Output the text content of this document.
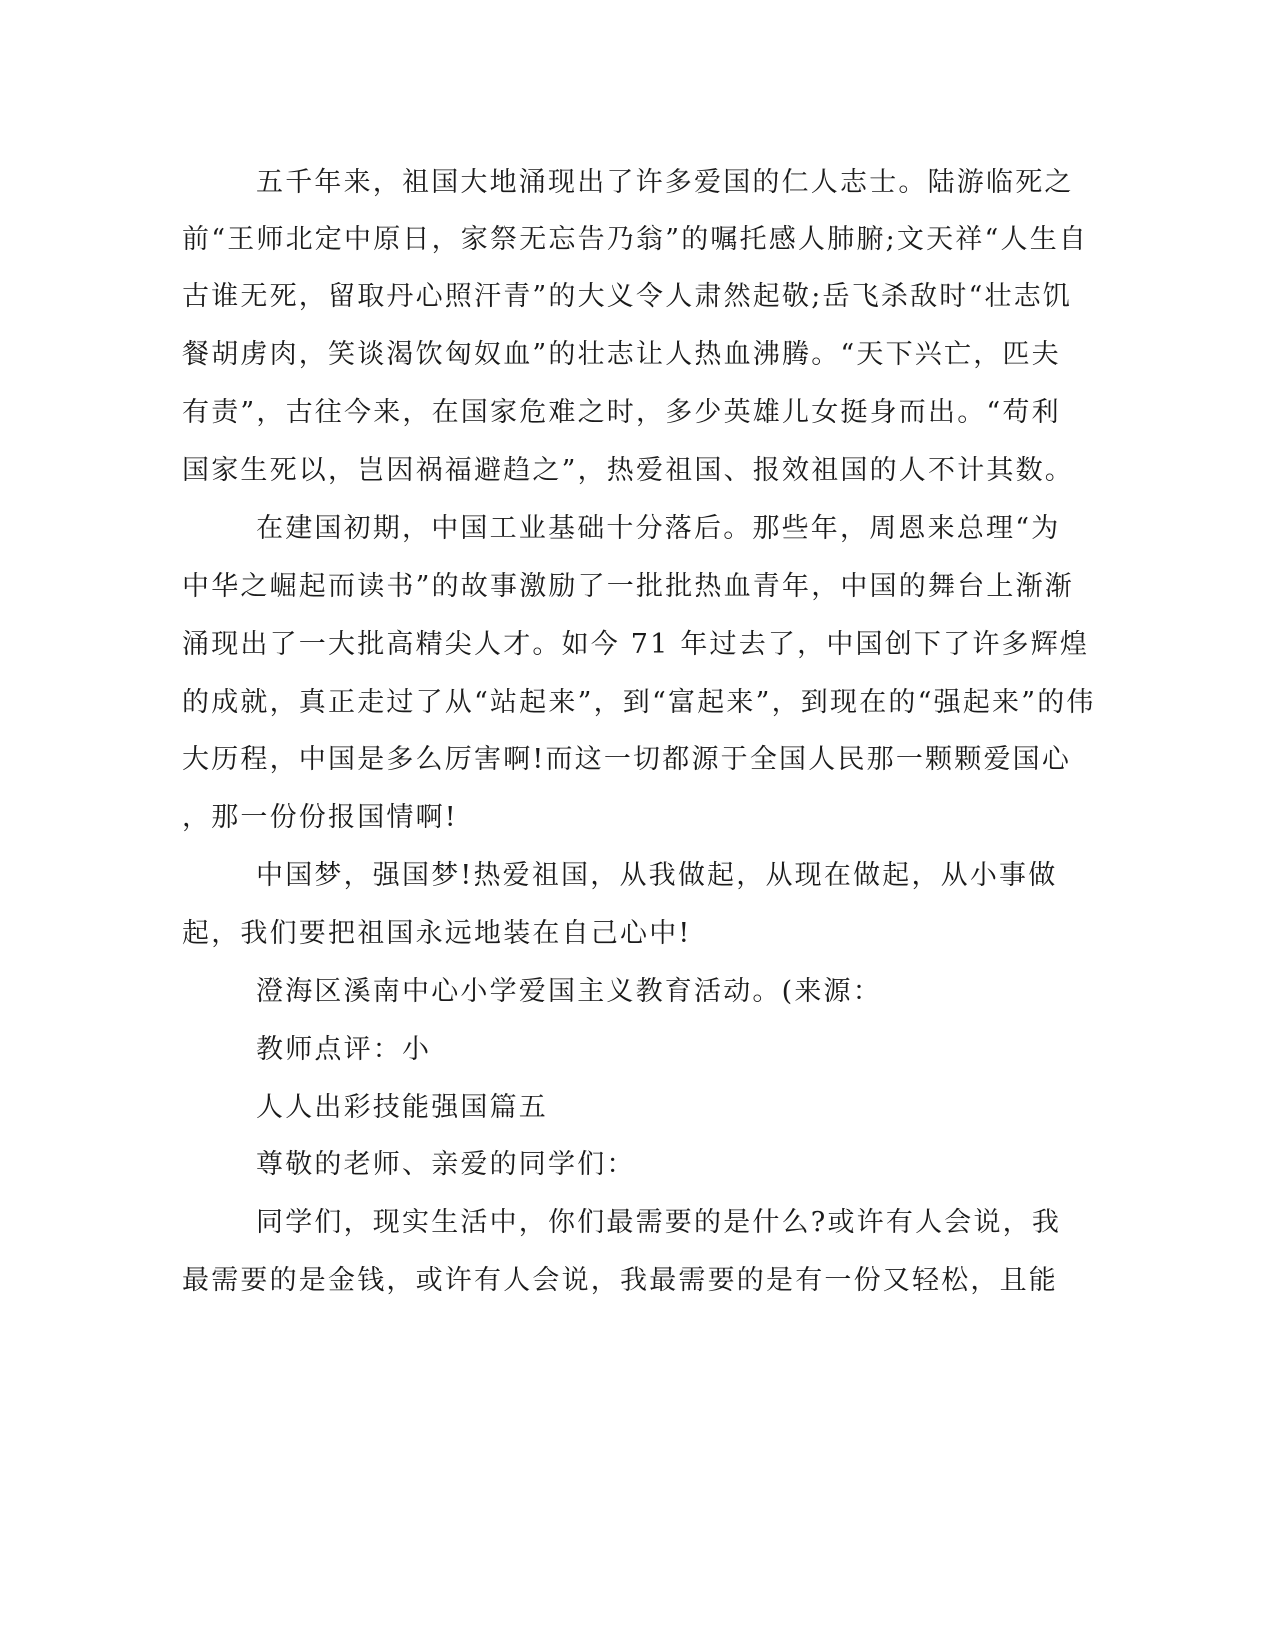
五千年来，祖国大地涌现出了许多爱国的仁人志士。陆游临死之
前“王师北定中原日，家祭无忘告乃翁”的嘱托感人肺腑;文天祥“人生自
古谁无死，留取丹心照汗青”的大义令人肃然起敬;岳飞杀敌时“壮志饥
餐胡虏肉，笑谈渴饮匈奴血”的壮志让人热血沸腾。“天下兴亡，匹夫
有责”，古往今来，在国家危难之时，多少英雄儿女挺身而出。“苟利
国家生死以，岂因祸福避趋之”，热爱祖国、报效祖国的人不计其数。
在建国初期，中国工业基础十分落后。那些年，周恩来总理“为
中华之崛起而读书”的故事激励了一批批热血青年，中国的舞台上渐渐
涌现出了一大批高精尖人才。如今 71 年过去了，中国创下了许多辉煌
的成就，真正走过了从“站起来”，到“富起来”，到现在的“强起来”的伟
大历程，中国是多么厉害啊!而这一切都源于全国人民那一颗颗爱国心
，那一份份报国情啊!
中国梦，强国梦!热爱祖国，从我做起，从现在做起，从小事做
起，我们要把祖国永远地装在自己心中!
澄海区溪南中心小学爱国主义教育活动。(来源：
教师点评：小
人人出彩技能强国篇五
尊敬的老师、亲爱的同学们：
同学们，现实生活中，你们最需要的是什么?或许有人会说，我
最需要的是金钱，或许有人会说，我最需要的是有一份又轻松，且能
